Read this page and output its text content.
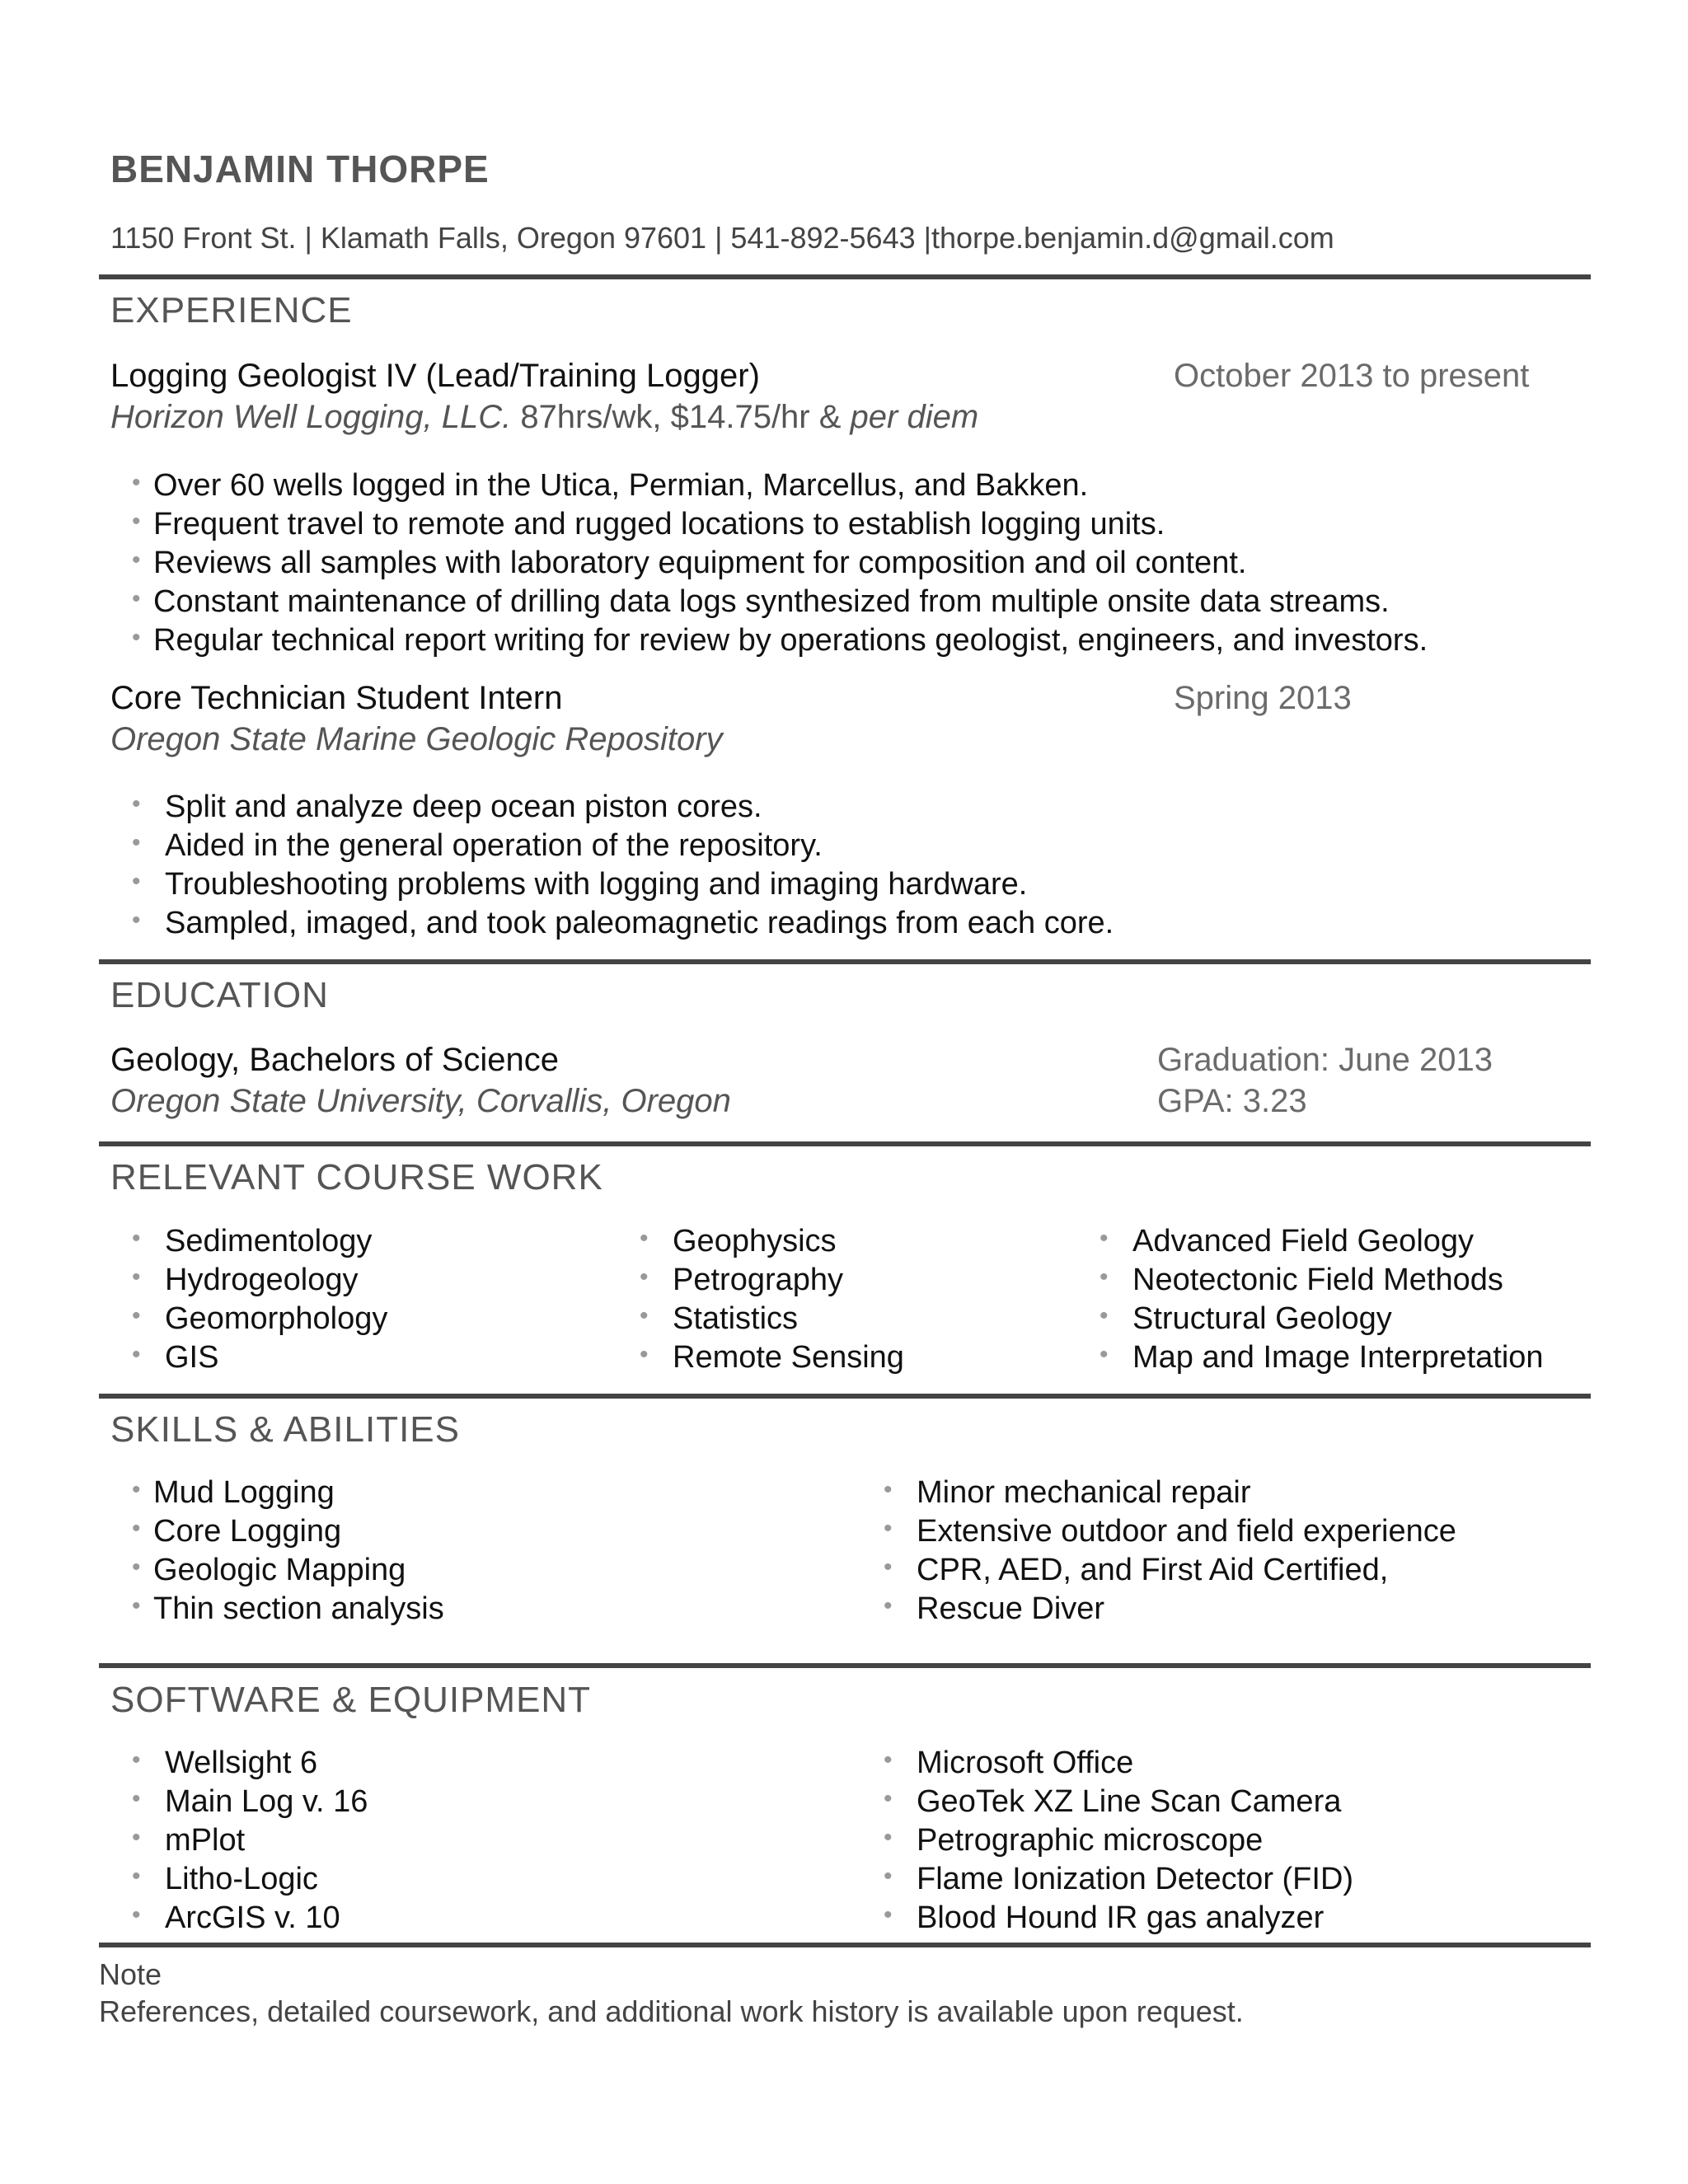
BENJAMIN THORPE
1150 Front St. | Klamath Falls, Oregon 97601 | 541-892-5643 |thorpe.benjamin.d@gmail.com
EXPERIENCE
Logging Geologist IV (Lead/Training Logger)	October 2013 to present
Horizon Well Logging, LLC. 87hrs/wk, $14.75/hr & per diem
• Over 60 wells logged in the Utica, Permian, Marcellus, and Bakken.
• Frequent travel to remote and rugged locations to establish logging units.
• Reviews all samples with laboratory equipment for composition and oil content.
• Constant maintenance of drilling data logs synthesized from multiple onsite data streams.
• Regular technical report writing for review by operations geologist, engineers, and investors.
Core Technician Student Intern	Spring 2013
Oregon State Marine Geologic Repository
• Split and analyze deep ocean piston cores.
• Aided in the general operation of the repository.
• Troubleshooting problems with logging and imaging hardware.
• Sampled, imaged, and took paleomagnetic readings from each core.
EDUCATION
Geology, Bachelors of Science	Graduation: June 2013
Oregon State University, Corvallis, Oregon	GPA: 3.23
RELEVANT COURSE WORK
• Sedimentology
• Hydrogeology
• Geomorphology
• GIS
• Geophysics
• Petrography
• Statistics
• Remote Sensing
• Advanced Field Geology
• Neotectonic Field Methods
• Structural Geology
• Map and Image Interpretation
SKILLS & ABILITIES
• Mud Logging
• Core Logging
• Geologic Mapping
• Thin section analysis
• Minor mechanical repair
• Extensive outdoor and field experience
• CPR, AED, and First Aid Certified,
• Rescue Diver
SOFTWARE & EQUIPMENT
• Wellsight 6
• Main Log v. 16
• mPlot
• Litho-Logic
• ArcGIS v. 10
• Microsoft Office
• GeoTek XZ Line Scan Camera
• Petrographic microscope
• Flame Ionization Detector (FID)
• Blood Hound IR gas analyzer
Note
References, detailed coursework, and additional work history is available upon request.
